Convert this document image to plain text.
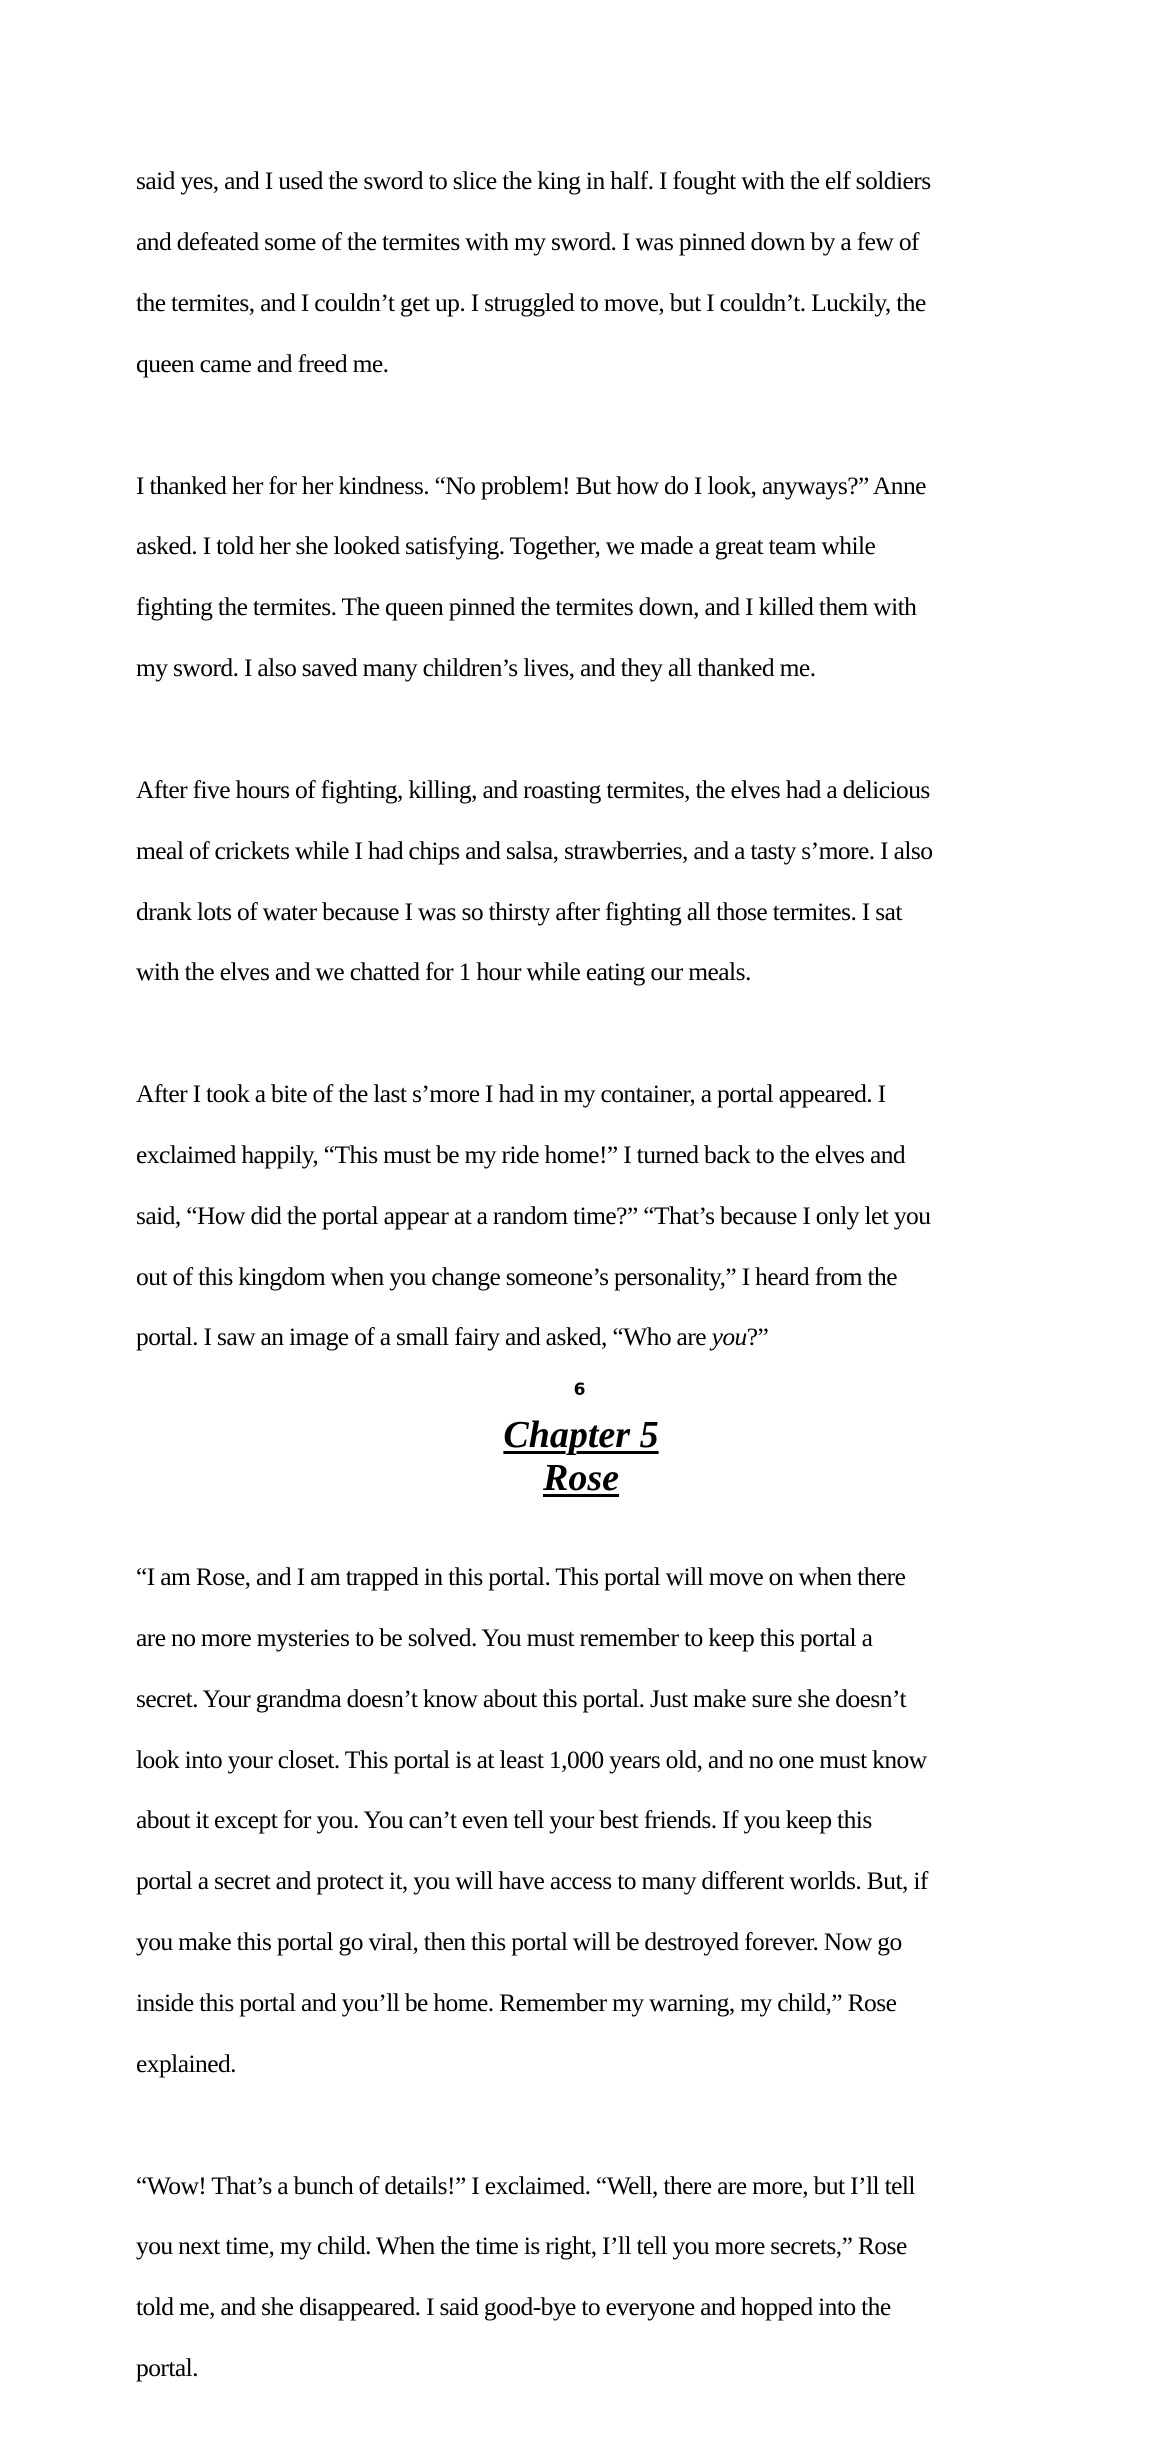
said yes, and I used the sword to slice the king in half. I fought with the elf soldiers

and defeated some of the termites with my sword. I was pinned down by a few of

the termites, and I couldn’t get up. I struggled to move, but I couldn’t. Luckily, the

queen came and freed me.

I thanked her for her kindness. “No problem! But how do I look, anyways?” Anne

asked. I told her she looked satisfying. Together, we made a great team while

fighting the termites. The queen pinned the termites down, and I killed them with

my sword. I also saved many children’s lives, and they all thanked me.

After five hours of fighting, killing, and roasting termites, the elves had a delicious

meal of crickets while I had chips and salsa, strawberries, and a tasty s’more. I also

drank lots of water because I was so thirsty after fighting all those termites. I sat

with the elves and we chatted for 1 hour while eating our meals.

After I took a bite of the last s’more I had in my container, a portal appeared. I

exclaimed happily, “This must be my ride home!” I turned back to the elves and

said, “How did the portal appear at a random time?” “That’s because I only let you

out of this kingdom when you change someone’s personality,” I heard from the

portal. I saw an image of a small fairy and asked, “Who are you?”

Chapter 5
Rose

“I am Rose, and I am trapped in this portal. This portal will move on when there

are no more mysteries to be solved. You must remember to keep this portal a

secret. Your grandma doesn’t know about this portal. Just make sure she doesn’t

look into your closet. This portal is at least 1,000 years old, and no one must know

about it except for you. You can’t even tell your best friends. If you keep this

portal a secret and protect it, you will have access to many different worlds. But, if

you make this portal go viral, then this portal will be destroyed forever. Now go

inside this portal and you’ll be home. Remember my warning, my child,” Rose

explained.

“Wow! That’s a bunch of details!” I exclaimed. “Well, there are more, but I’ll tell

you next time, my child. When the time is right, I’ll tell you more secrets,” Rose

told me, and she disappeared. I said good-bye to everyone and hopped into the

portal.

6
